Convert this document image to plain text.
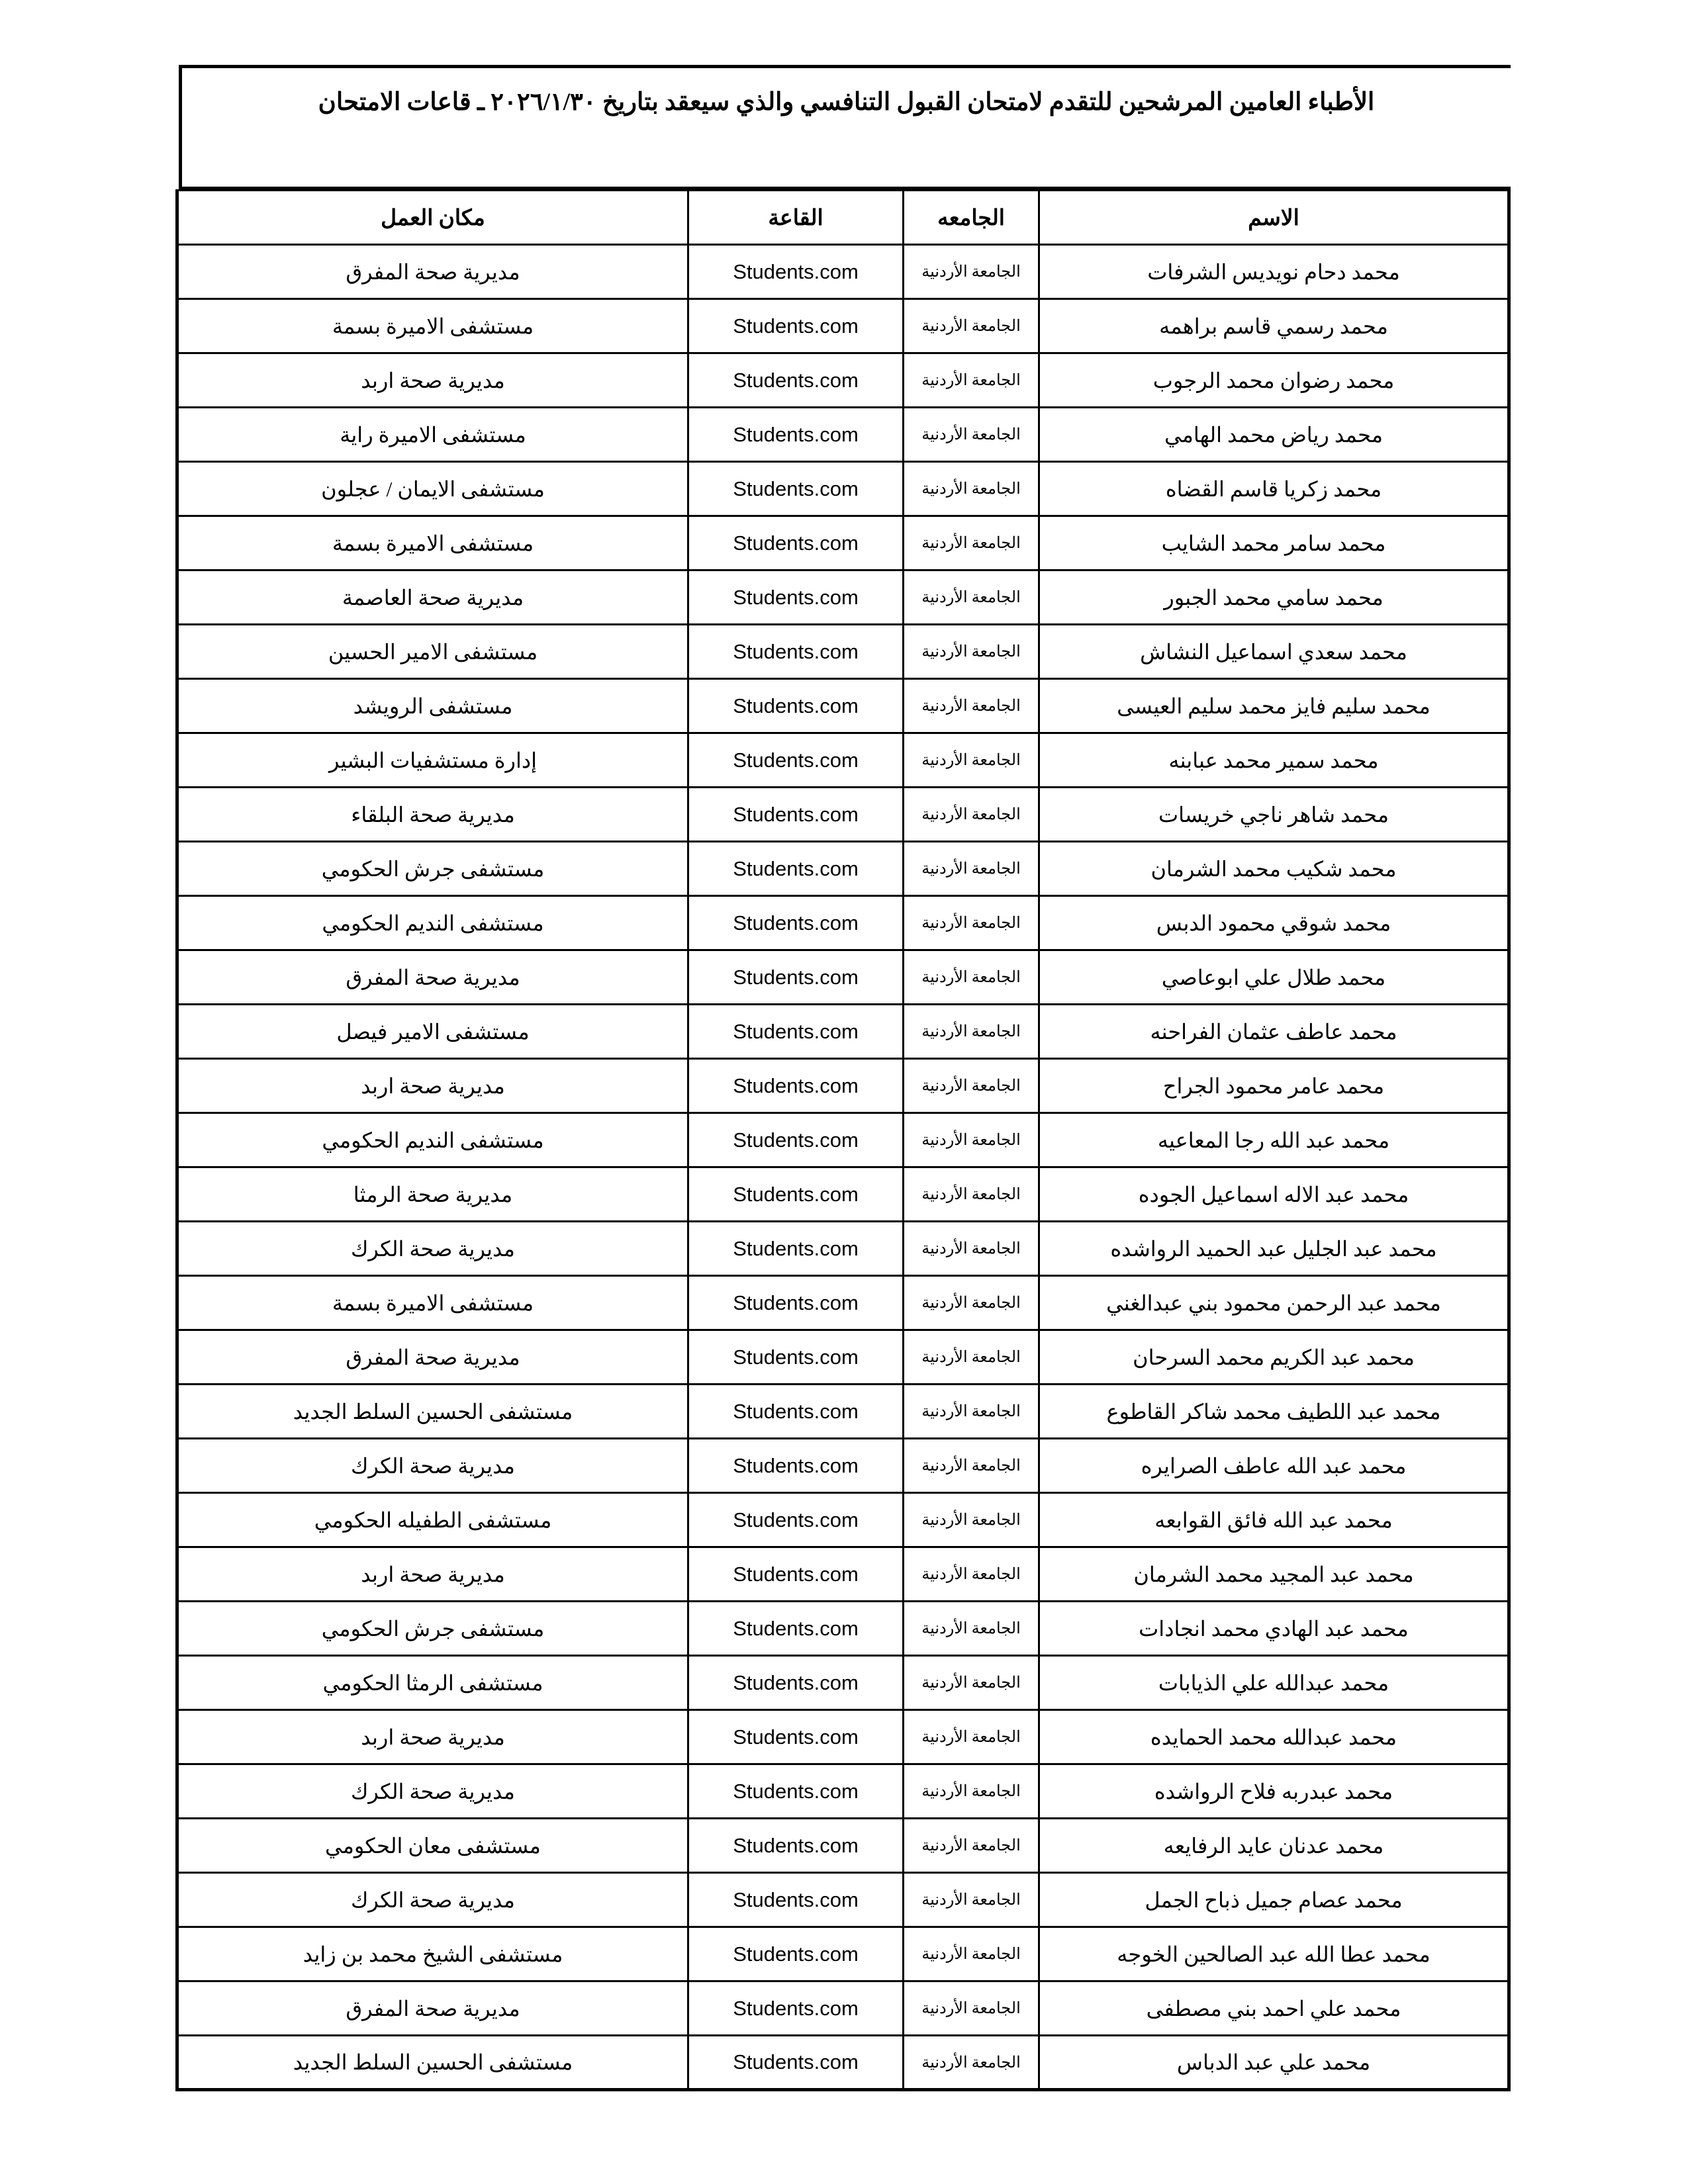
الأطباء العامين المرشحين للتقدم لامتحان القبول التنافسي والذي سيعقد بتاريخ ٢٠٢٦/١/٣٠ ـ قاعات الامتحان
الاسم	الجامعه	القاعة	مكان العمل
محمد دحام نويديس الشرفات	الجامعة الأردنية	Students.com	مديرية صحة المفرق
محمد رسمي قاسم براهمه	الجامعة الأردنية	Students.com	مستشفى الاميرة بسمة
محمد رضوان محمد الرجوب	الجامعة الأردنية	Students.com	مديرية صحة اربد
محمد رياض محمد الهامي	الجامعة الأردنية	Students.com	مستشفى الاميرة راية
محمد زكريا قاسم القضاه	الجامعة الأردنية	Students.com	مستشفى الايمان / عجلون
محمد سامر محمد الشايب	الجامعة الأردنية	Students.com	مستشفى الاميرة بسمة
محمد سامي محمد الجبور	الجامعة الأردنية	Students.com	مديرية صحة العاصمة
محمد سعدي اسماعيل النشاش	الجامعة الأردنية	Students.com	مستشفى الامير الحسين
محمد سليم فايز محمد سليم العيسى	الجامعة الأردنية	Students.com	مستشفى الرويشد
محمد سمير محمد عبابنه	الجامعة الأردنية	Students.com	إدارة مستشفيات البشير
محمد شاهر ناجي خريسات	الجامعة الأردنية	Students.com	مديرية صحة البلقاء
محمد شكيب محمد الشرمان	الجامعة الأردنية	Students.com	مستشفى جرش الحكومي
محمد شوقي محمود الدبس	الجامعة الأردنية	Students.com	مستشفى النديم الحكومي
محمد طلال علي ابوعاصي	الجامعة الأردنية	Students.com	مديرية صحة المفرق
محمد عاطف عثمان الفراحنه	الجامعة الأردنية	Students.com	مستشفى الامير فيصل
محمد عامر محمود الجراح	الجامعة الأردنية	Students.com	مديرية صحة اربد
محمد عبد الله رجا المعاعيه	الجامعة الأردنية	Students.com	مستشفى النديم الحكومي
محمد عبد الاله اسماعيل الجوده	الجامعة الأردنية	Students.com	مديرية صحة الرمثا
محمد عبد الجليل عبد الحميد الرواشده	الجامعة الأردنية	Students.com	مديرية صحة الكرك
محمد عبد الرحمن محمود بني عبدالغني	الجامعة الأردنية	Students.com	مستشفى الاميرة بسمة
محمد عبد الكريم محمد السرحان	الجامعة الأردنية	Students.com	مديرية صحة المفرق
محمد عبد اللطيف محمد شاكر القاطوع	الجامعة الأردنية	Students.com	مستشفى الحسين السلط الجديد
محمد عبد الله عاطف الصرايره	الجامعة الأردنية	Students.com	مديرية صحة الكرك
محمد عبد الله فائق القوابعه	الجامعة الأردنية	Students.com	مستشفى الطفيله الحكومي
محمد عبد المجيد محمد الشرمان	الجامعة الأردنية	Students.com	مديرية صحة اربد
محمد عبد الهادي محمد انجادات	الجامعة الأردنية	Students.com	مستشفى جرش الحكومي
محمد عبدالله علي الذيابات	الجامعة الأردنية	Students.com	مستشفى الرمثا الحكومي
محمد عبدالله محمد الحمايده	الجامعة الأردنية	Students.com	مديرية صحة اربد
محمد عبدربه فلاح الرواشده	الجامعة الأردنية	Students.com	مديرية صحة الكرك
محمد عدنان عايد الرفايعه	الجامعة الأردنية	Students.com	مستشفى معان الحكومي
محمد عصام جميل ذباح الجمل	الجامعة الأردنية	Students.com	مديرية صحة الكرك
محمد عطا الله عبد الصالحين الخوجه	الجامعة الأردنية	Students.com	مستشفى الشيخ محمد بن زايد
محمد علي احمد بني مصطفى	الجامعة الأردنية	Students.com	مديرية صحة المفرق
محمد علي عبد الدباس	الجامعة الأردنية	Students.com	مستشفى الحسين السلط الجديد
